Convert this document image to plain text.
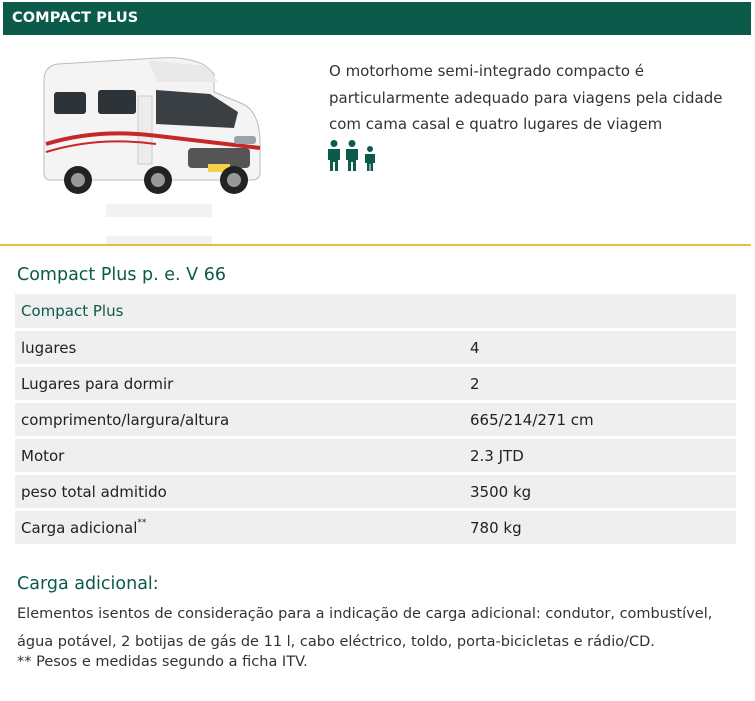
COMPACT PLUS
O motorhome semi-integrado compacto é particularmente adequado para viagens pela cidade com cama casal e quatro lugares de viagem
Compact Plus p. e. V 66
Compact Plus	
lugares	4
Lugares para dormir	2
comprimento/largura/altura	665/214/271 cm
Motor	2.3 JTD
peso total admitido	3500 kg
Carga adicional**	780 kg
Carga adicional:
Elementos isentos de consideração para a indicação de carga adicional: condutor, combustível, água potável, 2 botijas de gás de 11 l, cabo eléctrico, toldo, porta-bicicletas e rádio/CD.
** Pesos e medidas segundo a ficha ITV.
